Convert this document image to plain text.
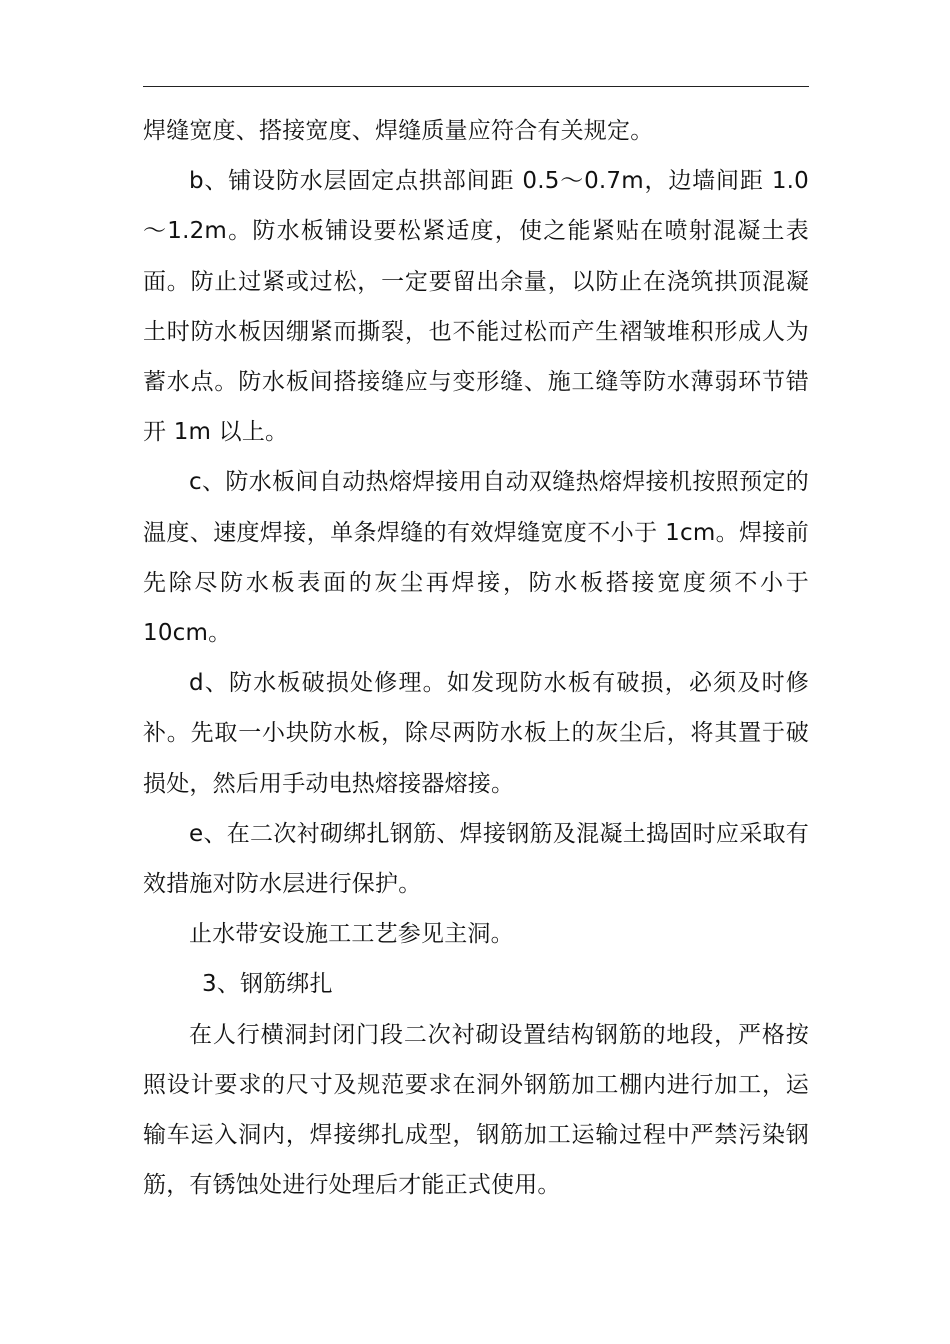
焊缝宽度、搭接宽度、焊缝质量应符合有关规定。

b、铺设防水层固定点拱部间距 0.5～0.7m，边墙间距 1.0～1.2m。防水板铺设要松紧适度，使之能紧贴在喷射混凝土表面。防止过紧或过松，一定要留出余量，以防止在浇筑拱顶混凝土时防水板因绷紧而撕裂，也不能过松而产生褶皱堆积形成人为蓄水点。防水板间搭接缝应与变形缝、施工缝等防水薄弱环节错开 1m 以上。

c、防水板间自动热熔焊接用自动双缝热熔焊接机按照预定的温度、速度焊接，单条焊缝的有效焊缝宽度不小于 1cm。焊接前先除尽防水板表面的灰尘再焊接，防水板搭接宽度须不小于10cm。

d、防水板破损处修理。如发现防水板有破损，必须及时修补。先取一小块防水板，除尽两防水板上的灰尘后，将其置于破损处，然后用手动电热熔接器熔接。

e、在二次衬砌绑扎钢筋、焊接钢筋及混凝土捣固时应采取有效措施对防水层进行保护。

止水带安设施工工艺参见主洞。

3、钢筋绑扎

在人行横洞封闭门段二次衬砌设置结构钢筋的地段，严格按照设计要求的尺寸及规范要求在洞外钢筋加工棚内进行加工，运输车运入洞内，焊接绑扎成型，钢筋加工运输过程中严禁污染钢筋，有锈蚀处进行处理后才能正式使用。
